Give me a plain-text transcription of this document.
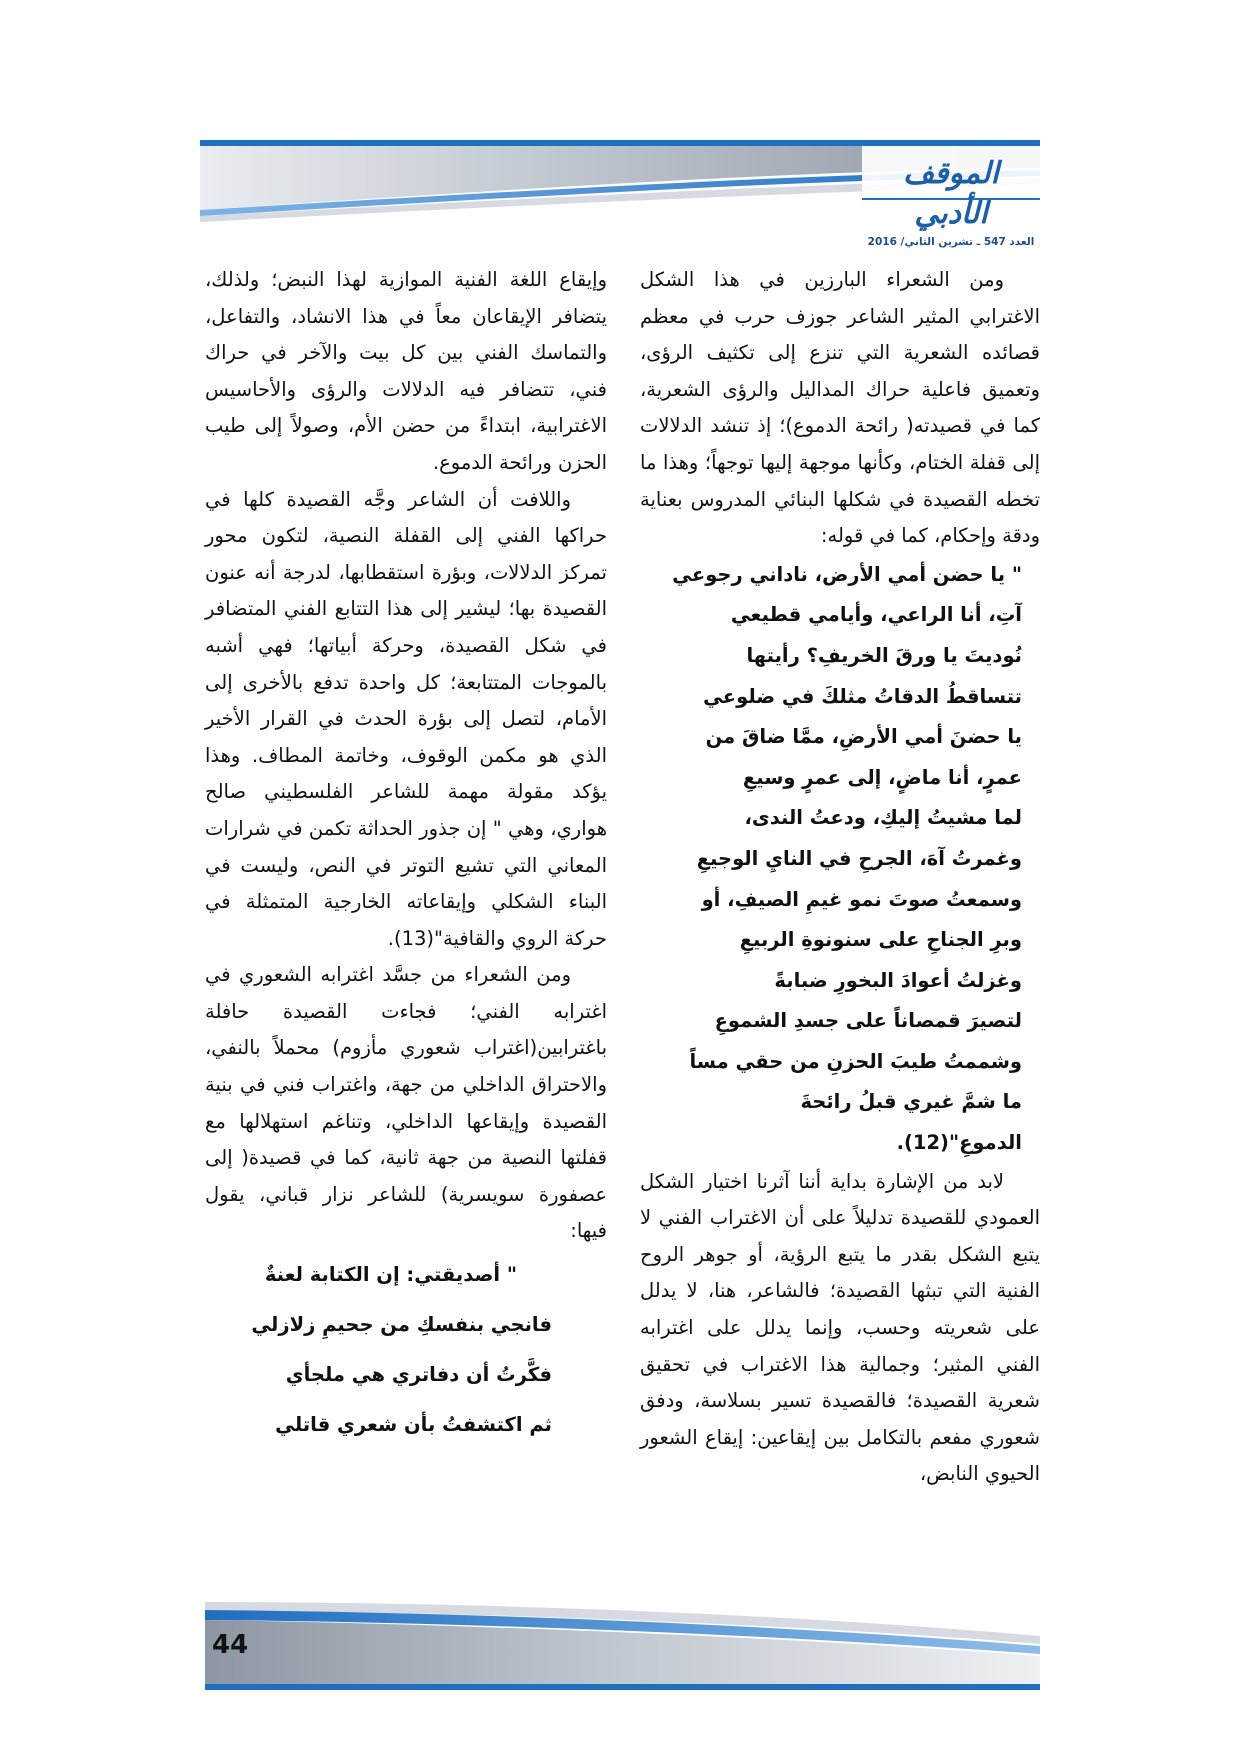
الموقف الأدبي
العدد 547 ـ تشرين الثاني/ 2016

ومن الشعراء البارزين في هذا الشكل الاغترابي المثير الشاعر جوزف حرب في معظم قصائده الشعرية التي تنزع إلى تكثيف الرؤى، وتعميق فاعلية حراك المداليل والرؤى الشعرية، كما في قصيدته( رائحة الدموع)؛ إذ تنشد الدلالات إلى قفلة الختام، وكأنها موجهة إليها توجهاً؛ وهذا ما تخطه القصيدة في شكلها البنائي المدروس بعناية ودقة وإحكام، كما في قوله:

" يا حضن أمي الأرض، ناداني رجوعي

آتِ، أنا الراعي، وأيامي قطيعي

نُوديتَ يا ورقَ الخريفِ؟ رأيتها

تتساقطُ الدقاتُ مثلكَ في ضلوعي

يا حضنَ أمي الأرضِ، ممَّا ضاقَ من

عمرٍ، أنا ماضٍ، إلى عمرٍ وسيعِ

لما مشيتُ إليكِ، ودعتُ الندى،

وغمرتُ آهَ، الجرحِ في النايِ الوجيعِ

وسمعتُ صوتَ نمو غيمِ الصيفِ، أو

وبرِ الجناحِ على سنونوةِ الربيعِ

وغزلتُ أعوادَ البخورِ ضبابةً

لتصيرَ قمصاناً على جسدِ الشموعِ

وشممتُ طيبَ الحزنِ من حقي مساً

ما شمَّ غيري قبلُ رائحةَ

الدموعِ"(12).

لابد من الإشارة بداية أننا آثرنا اختيار الشكل العمودي للقصيدة تدليلاً على أن الاغتراب الفني لا يتبع الشكل بقدر ما يتبع الرؤية، أو جوهر الروح الفنية التي تبثها القصيدة؛ فالشاعر، هنا، لا يدلل على شعريته وحسب، وإنما يدلل على اغترابه الفني المثير؛ وجمالية هذا الاغتراب في تحقيق شعرية القصيدة؛ فالقصيدة تسير بسلاسة، ودفق شعوري مفعم بالتكامل بين إيقاعين: إيقاع الشعور الحيوي النابض،

وإيقاع اللغة الفنية الموازية لهذا النبض؛ ولذلك، يتضافر الإيقاعان معاً في هذا الانشاد، والتفاعل، والتماسك الفني بين كل بيت والآخر في حراك فني، تتضافر فيه الدلالات والرؤى والأحاسيس الاغترابية، ابتداءً من حضن الأم، وصولاً إلى طيب الحزن ورائحة الدموع.

واللافت أن الشاعر وجَّه القصيدة كلها في حراكها الفني إلى القفلة النصية، لتكون محور تمركز الدلالات، وبؤرة استقطابها، لدرجة أنه عنون القصيدة بها؛ ليشير إلى هذا التتابع الفني المتضافر في شكل القصيدة، وحركة أبياتها؛ فهي أشبه بالموجات المتتابعة؛ كل واحدة تدفع بالأخرى إلى الأمام، لتصل إلى بؤرة الحدث في القرار الأخير الذي هو مكمن الوقوف، وخاتمة المطاف. وهذا يؤكد مقولة مهمة للشاعر الفلسطيني صالح هواري، وهي " إن جذور الحداثة تكمن في شرارات المعاني التي تشيع التوتر في النص، وليست في البناء الشكلي وإيقاعاته الخارجية المتمثلة في حركة الروي والقافية"(13).

ومن الشعراء من جسَّد اغترابه الشعوري في اغترابه الفني؛ فجاءت القصيدة حافلة باغترابين(اغتراب شعوري مأزوم) محملاً بالنفي، والاحتراق الداخلي من جهة، واغتراب فني في بنية القصيدة وإيقاعها الداخلي، وتناغم استهلالها مع قفلتها النصية من جهة ثانية، كما في قصيدة( إلى عصفورة سويسرية) للشاعر نزار قباني، يقول فيها:

" أصديقتي: إن الكتابة لعنةٌ

فانجي بنفسكِ من جحيمِ زلازلي

فكَّرتُ أن دفاتري هي ملجأي

ثم اكتشفتُ بأن شعري قاتلي

44
